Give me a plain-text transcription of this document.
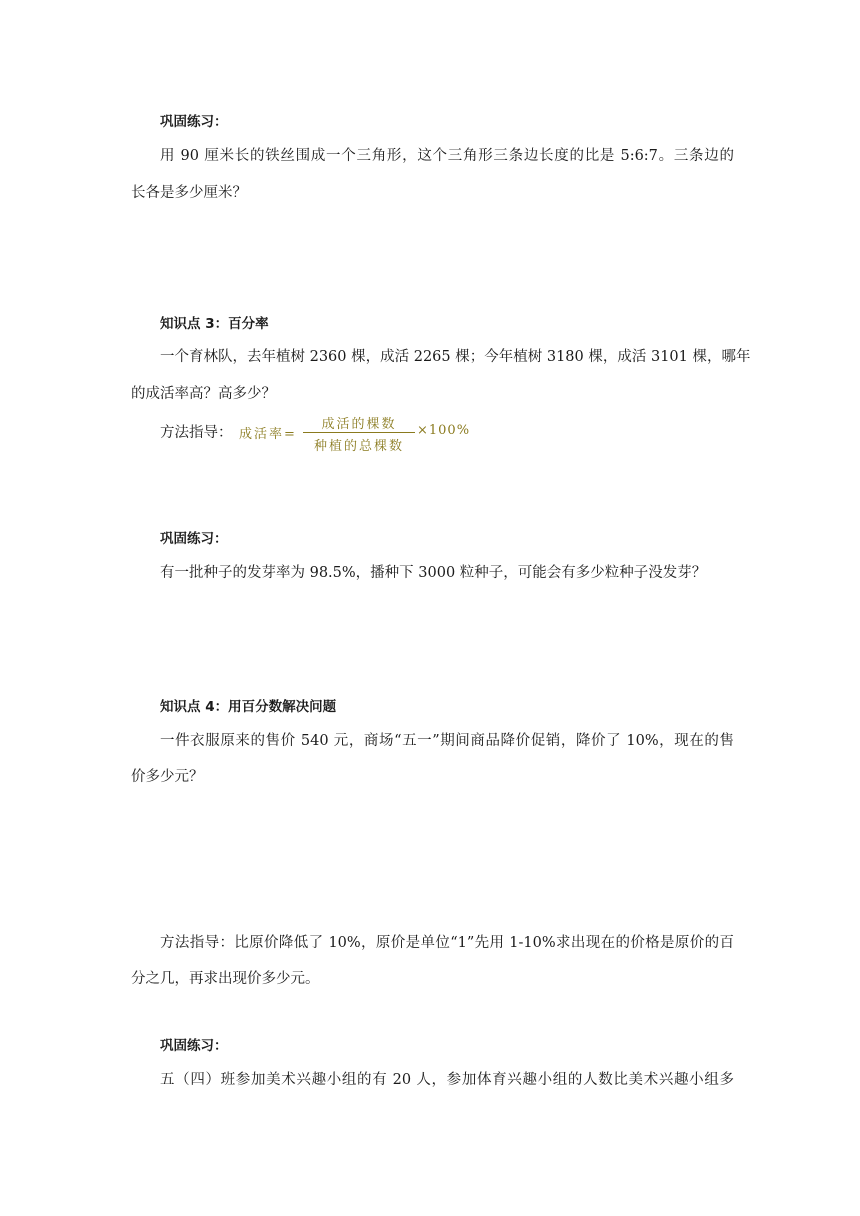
巩固练习：
用 90 厘米长的铁丝围成一个三角形，这个三角形三条边长度的比是 5:6:7。三条边的
长各是多少厘米？
知识点 3：百分率
一个育林队，去年植树 2360 棵，成活 2265 棵；今年植树 3180 棵，成活 3101 棵，哪年
的成活率高？高多少？
方法指导： 成活率=
成活的棵数
种植的总棵数
×100%
巩固练习：
有一批种子的发芽率为 98.5%，播种下 3000 粒种子，可能会有多少粒种子没发芽？
知识点 4：用百分数解决问题
一件衣服原来的售价 540 元，商场“五一”期间商品降价促销，降价了 10%，现在的售
价多少元？
方法指导：比原价降低了 10%，原价是单位“1”先用 1-10%求出现在的价格是原价的百
分之几，再求出现价多少元。
巩固练习：
五（四）班参加美术兴趣小组的有 20 人，参加体育兴趣小组的人数比美术兴趣小组多
